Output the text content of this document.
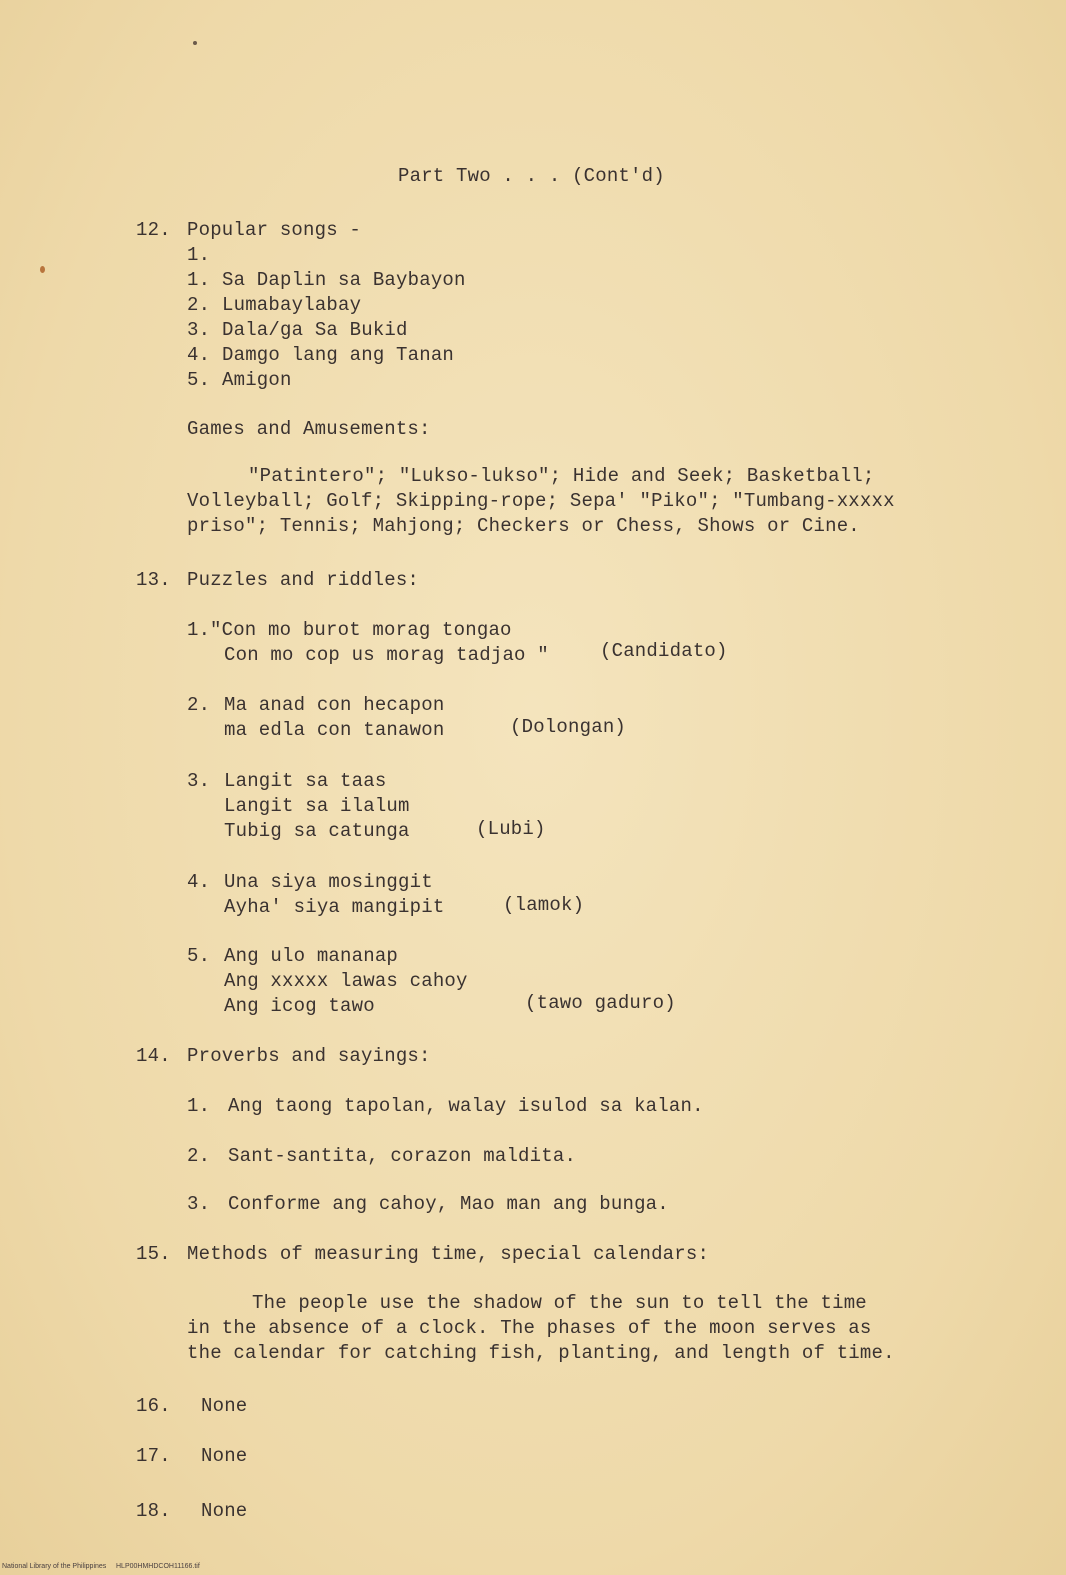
Part Two . . . (Cont'd)
12. Popular songs -
1.
1. Sa Daplin sa Baybayon
2. Lumabaylabay
3. Dala/ga Sa Bukid
4. Damgo lang ang Tanan
5. Amigon
Games and Amusements:
"Patintero"; "Lukso-lukso"; Hide and Seek; Basketball;
Volleyball; Golf; Skipping-rope; Sepa' "Piko"; "Tumbang-xxxxx
priso"; Tennis; Mahjong; Checkers or Chess, Shows or Cine.
13. Puzzles and riddles:
1. "Con mo burot morag tongao
Con mo cop us morag tadjao "	(Candidato)
2. Ma anad con hecapon
ma edla con tanawon	(Dolongan)
3. Langit sa taas
Langit sa ilalum
Tubig sa catunga	(Lubi)
4. Una siya mosinggit
Ayha' siya mangipit	(lamok)
5. Ang ulo mananap
Ang xxxxx lawas cahoy
Ang icog tawo	(tawo gaduro)
14. Proverbs and sayings:
1. Ang taong tapolan, walay isulod sa kalan.
2. Sant-santita, corazon maldita.
3. Conforme ang cahoy, Mao man ang bunga.
15. Methods of measuring time, special calendars:
The people use the shadow of the sun to tell the time
in the absence of a clock. The phases of the moon serves as
the calendar for catching fish, planting, and length of time.
16. None
17. None
18. None
National Library of the Philippines     HLP00HMHDCOH11166.tif
